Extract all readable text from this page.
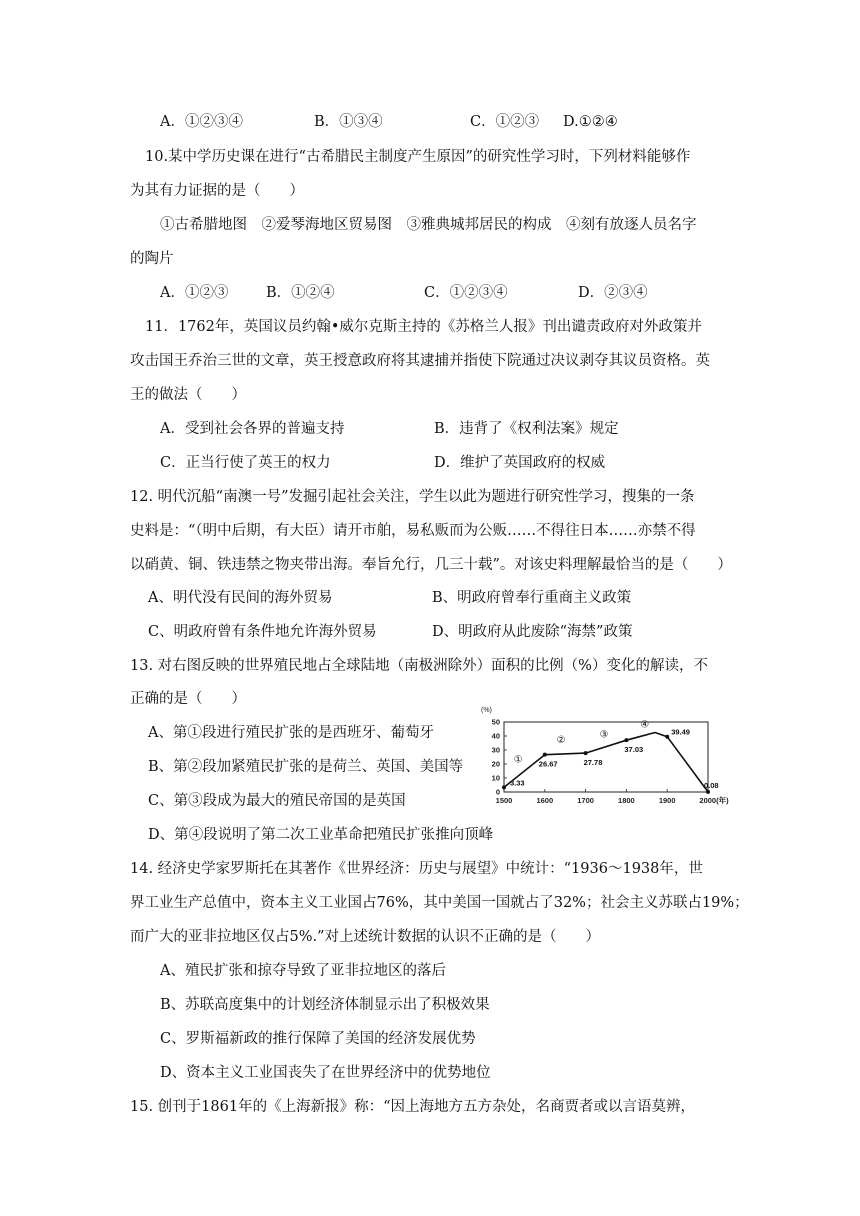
A．①②③④	B．①③④	C．①②③ D.①②④
10.某中学历史课在进行“古希腊民主制度产生原因”的研究性学习时，下列材料能够作
为其有力证据的是（　　）
①古希腊地图　②爱琴海地区贸易图　③雅典城邦居民的构成　④刻有放逐人员名字
的陶片
A．①②③	B．①②④	C．①②③④	D．②③④
11．1762年，英国议员约翰•威尔克斯主持的《苏格兰人报》刊出谴责政府对外政策并
攻击国王乔治三世的文章，英王授意政府将其逮捕并指使下院通过决议剥夺其议员资格。英
王的做法（　　）
A．受到社会各界的普遍支持	B．违背了《权利法案》规定
C．正当行使了英王的权力	D．维护了英国政府的权威
12. 明代沉船“南澳一号”发掘引起社会关注，学生以此为题进行研究性学习，搜集的一条
史料是：“（明中后期，有大臣）请开市舶，易私贩而为公贩……不得往日本……亦禁不得
以硝黄、铜、铁违禁之物夹带出海。奉旨允行，几三十载”。对该史料理解最恰当的是（　　）
A、明代没有民间的海外贸易	B、明政府曾奉行重商主义政策
C、明政府曾有条件地允许海外贸易	D、明政府从此废除“海禁”政策
13. 对右图反映的世界殖民地占全球陆地（南极洲除外）面积的比例（%）变化的解读，不
正确的是（　　）
A、第①段进行殖民扩张的是西班牙、葡萄牙
B、第②段加紧殖民扩张的是荷兰、英国、美国等
C、第③段成为最大的殖民帝国的是英国
D、第④段说明了第二次工业革命把殖民扩张推向顶峰
(%)
0
10
20
30
40
50
1500	1600	1700	1800	1900	2000(年)
3.33
26.67	27.78
37.03
39.49
0.08
①
②
③
④
14. 经济史学家罗斯托在其著作《世界经济：历史与展望》中统计：“1936～1938年，世
界工业生产总值中，资本主义工业国占76%，其中美国一国就占了32%；社会主义苏联占19%；
而广大的亚非拉地区仅占5%.”对上述统计数据的认识不正确的是（　　）
A、殖民扩张和掠夺导致了亚非拉地区的落后
B、苏联高度集中的计划经济体制显示出了积极效果
C、罗斯福新政的推行保障了美国的经济发展优势
D、资本主义工业国丧失了在世界经济中的优势地位
15. 创刊于1861年的《上海新报》称：“因上海地方五方杂处，名商贾者或以言语莫辨，
